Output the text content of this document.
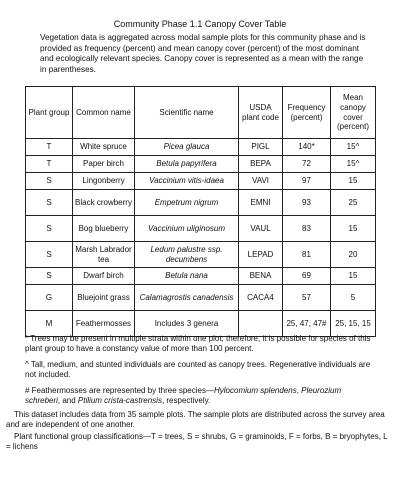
Community Phase 1.1 Canopy Cover Table
Vegetation data is aggregated across modal sample plots for this community phase and is provided as frequency (percent) and mean canopy cover (percent) of the most dominant and ecologically relevant species. Canopy cover is represented as a mean with the range in parentheses.
Plant group	Common name	Scientific name	USDA plant code	Frequency (percent)	Mean canopy cover (percent)
T	White spruce	Picea glauca	PIGL	140*	15^
T	Paper birch	Betula papyrifera	BEPA	72	15^
S	Lingonberry	Vaccinium vitis-idaea	VAVI	97	15
S	Black crowberry	Empetrum nigrum	EMNI	93	25
S	Bog blueberry	Vaccinium uliginosum	VAUL	83	15
S	Marsh Labrador tea	Ledum palustre ssp. decumbens	LEPAD	81	20
S	Dwarf birch	Betula nana	BENA	69	15
G	Bluejoint grass	Calamagrostis canadensis	CACA4	57	5
M	Feathermosses	Includes 3 genera		25, 47, 47#	25, 15, 15

* Trees may be present in multiple strata within one plot; therefore, it is possible for species of this plant group to have a constancy value of more than 100 percent.

^ Tall, medium, and stunted individuals are counted as canopy trees. Regenerative individuals are not included.

# Feathermosses are represented by three species—Hylocomium splendens, Pleurozium schreberi, and Ptilium crista-castrensis, respectively.

This dataset includes data from 35 sample plots. The sample plots are distributed across the survey area and are independent of one another.

Plant functional group classifications—T = trees, S = shrubs, G = graminoids, F = forbs, B = bryophytes, L = lichens
